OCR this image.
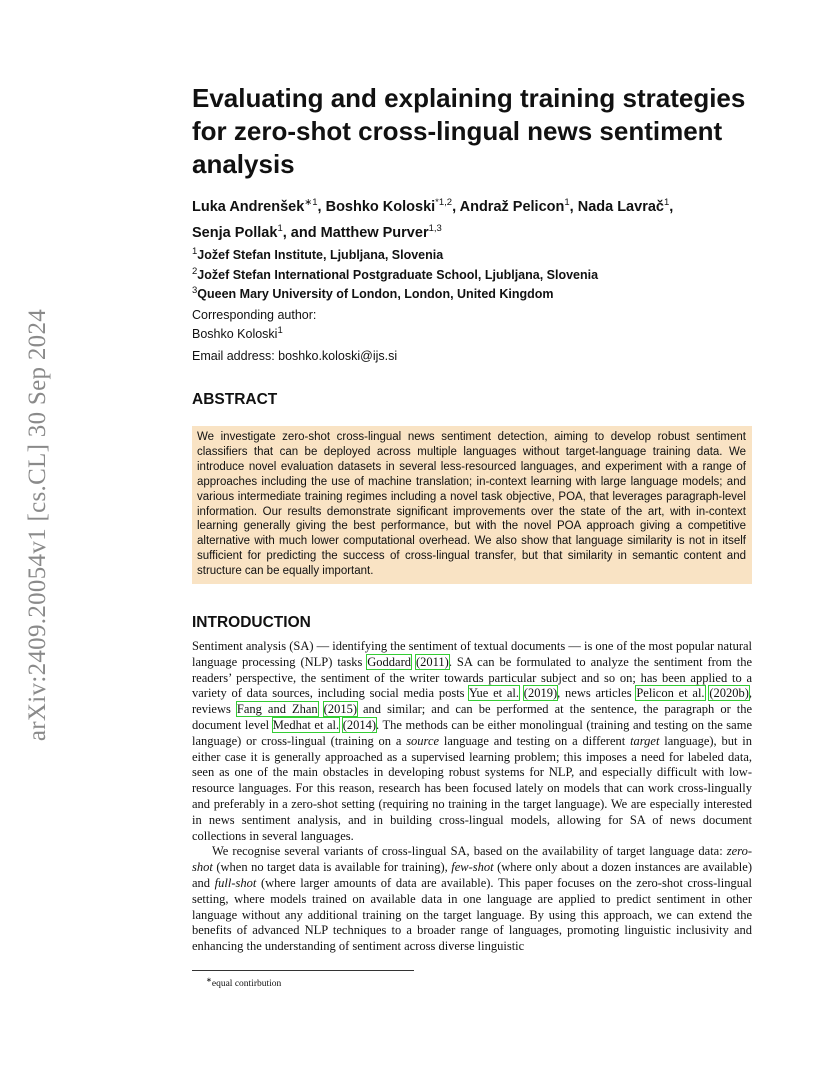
arXiv:2409.20054v1 [cs.CL] 30 Sep 2024
Evaluating and explaining training strategies for zero-shot cross-lingual news sentiment analysis

Luka Andrenšek$^{∗1}$, Boshko Koloski$^{*1,2}$, Andraž Pelicon$^1$, Nada Lavrač$^1$,
Senja Pollak$^1$, and Matthew Purver$^{1,3}$

$^1$Jožef Stefan Institute, Ljubljana, Slovenia
$^2$Jožef Stefan International Postgraduate School, Ljubljana, Slovenia
$^3$Queen Mary University of London, London, United Kingdom
Corresponding author:
Boshko Koloski$^1$
Email address: boshko.koloski@ijs.si
ABSTRACT
We investigate zero-shot cross-lingual news sentiment detection, aiming to develop robust sentiment classifiers that can be deployed across multiple languages without target-language training data. We introduce novel evaluation datasets in several less-resourced languages, and experiment with a range of approaches including the use of machine translation; in-context learning with large language models; and various intermediate training regimes including a novel task objective, POA, that leverages paragraph-level information. Our results demonstrate significant improvements over the state of the art, with in-context learning generally giving the best performance, but with the novel POA approach giving a competitive alternative with much lower computational overhead. We also show that language similarity is not in itself sufficient for predicting the success of cross-lingual transfer, but that similarity in semantic content and structure can be equally important.
INTRODUCTION

Sentiment analysis (SA) — identifying the sentiment of textual documents — is one of the most popular natural language processing (NLP) tasks Goddard (2011). SA can be formulated to analyze the sentiment from the readers’ perspective, the sentiment of the writer towards particular subject and so on; has been applied to a variety of data sources, including social media posts Yue et al. (2019), news articles Pelicon et al. (2020b), reviews Fang and Zhan (2015) and similar; and can be performed at the sentence, the paragraph or the document level Medhat et al. (2014). The methods can be either monolingual (training and testing on the same language) or cross-lingual (training on a source language and testing on a different target language), but in either case it is generally approached as a supervised learning problem; this imposes a need for labeled data, seen as one of the main obstacles in developing robust systems for NLP, and especially difficult with low-resource languages. For this reason, research has been focused lately on models that can work cross-lingually and preferably in a zero-shot setting (requiring no training in the target language). We are especially interested in news sentiment analysis, and in building cross-lingual models, allowing for SA of news document collections in several languages.

We recognise several variants of cross-lingual SA, based on the availability of target language data: zero-shot (when no target data is available for training), few-shot (where only about a dozen instances are available) and full-shot (where larger amounts of data are available). This paper focuses on the zero-shot cross-lingual setting, where models trained on available data in one language are applied to predict sentiment in other language without any additional training on the target language. By using this approach, we can extend the benefits of advanced NLP techniques to a broader range of languages, promoting linguistic inclusivity and enhancing the understanding of sentiment across diverse linguistic

∗equal contirbution
